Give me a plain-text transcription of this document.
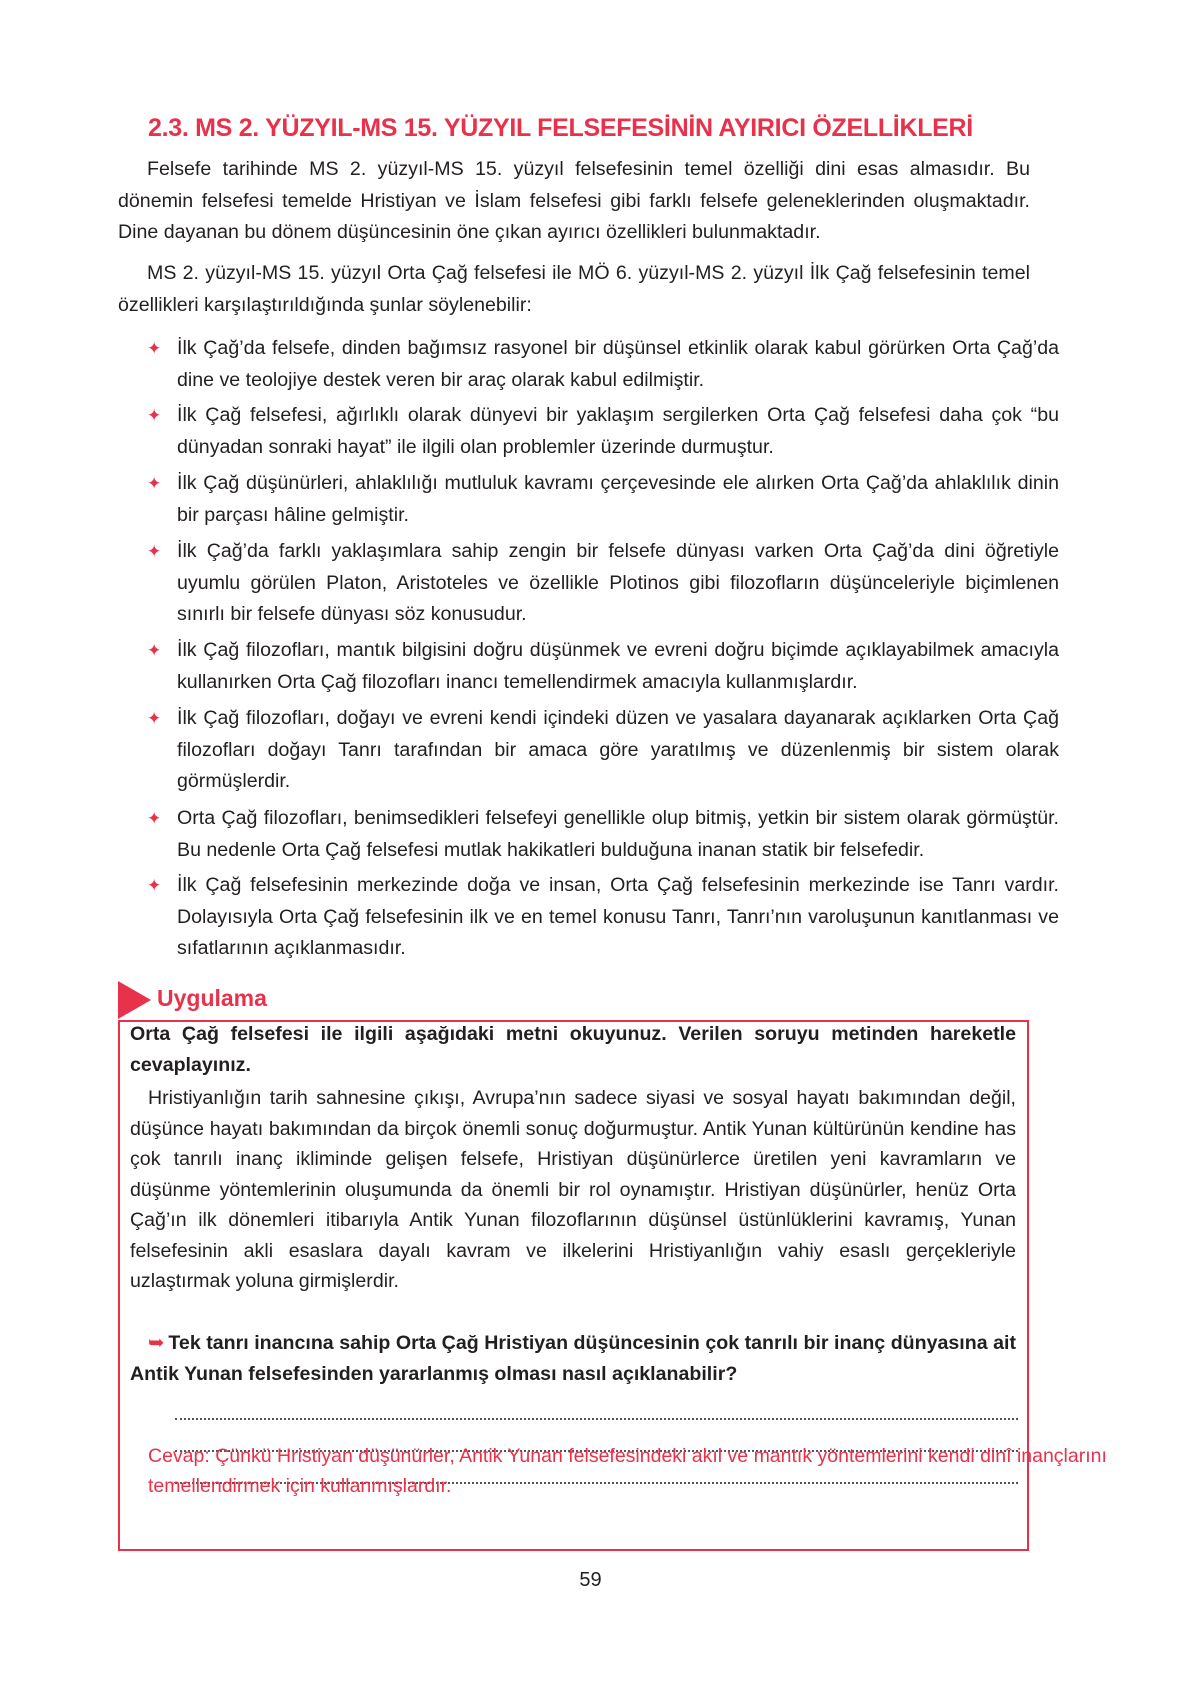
2.3. MS 2. YÜZYIL-MS 15. YÜZYIL FELSEFESİNİN AYIRICI ÖZELLİKLERİ

Felsefe tarihinde MS 2. yüzyıl-MS 15. yüzyıl felsefesinin temel özelliği dini esas almasıdır. Bu dönemin felsefesi temelde Hristiyan ve İslam felsefesi gibi farklı felsefe geleneklerinden oluşmaktadır. Dine dayanan bu dönem düşüncesinin öne çıkan ayırıcı özellikleri bulunmaktadır.

MS 2. yüzyıl-MS 15. yüzyıl Orta Çağ felsefesi ile MÖ 6. yüzyıl-MS 2. yüzyıl İlk Çağ felsefesinin temel özellikleri karşılaştırıldığında şunlar söylenebilir:

✦ İlk Çağ’da felsefe, dinden bağımsız rasyonel bir düşünsel etkinlik olarak kabul görürken Orta Çağ’da dine ve teolojiye destek veren bir araç olarak kabul edilmiştir.

✦ İlk Çağ felsefesi, ağırlıklı olarak dünyevi bir yaklaşım sergilerken Orta Çağ felsefesi daha çok “bu dünyadan sonraki hayat” ile ilgili olan problemler üzerinde durmuştur.

✦ İlk Çağ düşünürleri, ahlaklılığı mutluluk kavramı çerçevesinde ele alırken Orta Çağ’da ahlaklılık dinin bir parçası hâline gelmiştir.

✦ İlk Çağ’da farklı yaklaşımlara sahip zengin bir felsefe dünyası varken Orta Çağ’da dini öğretiyle uyumlu görülen Platon, Aristoteles ve özellikle Plotinos gibi filozofların düşünceleriyle biçimlenen sınırlı bir felsefe dünyası söz konusudur.

✦ İlk Çağ filozofları, mantık bilgisini doğru düşünmek ve evreni doğru biçimde açıklayabilmek amacıyla kullanırken Orta Çağ filozofları inancı temellendirmek amacıyla kullanmışlardır.

✦ İlk Çağ filozofları, doğayı ve evreni kendi içindeki düzen ve yasalara dayanarak açıklarken Orta Çağ filozofları doğayı Tanrı tarafından bir amaca göre yaratılmış ve düzenlenmiş bir sistem olarak görmüşlerdir.

✦ Orta Çağ filozofları, benimsedikleri felsefeyi genellikle olup bitmiş, yetkin bir sistem olarak görmüştür. Bu nedenle Orta Çağ felsefesi mutlak hakikatleri bulduğuna inanan statik bir felsefedir.

✦ İlk Çağ felsefesinin merkezinde doğa ve insan, Orta Çağ felsefesinin merkezinde ise Tanrı vardır. Dolayısıyla Orta Çağ felsefesinin ilk ve en temel konusu Tanrı, Tanrı’nın varoluşunun kanıtlanması ve sıfatlarının açıklanmasıdır.

Uygulama

Orta Çağ felsefesi ile ilgili aşağıdaki metni okuyunuz. Verilen soruyu metinden hareketle cevaplayınız.

Hristiyanlığın tarih sahnesine çıkışı, Avrupa’nın sadece siyasi ve sosyal hayatı bakımından değil, düşünce hayatı bakımından da birçok önemli sonuç doğurmuştur. Antik Yunan kültürünün kendine has çok tanrılı inanç ikliminde gelişen felsefe, Hristiyan düşünürlerce üretilen yeni kavramların ve düşünme yöntemlerinin oluşumunda da önemli bir rol oynamıştır. Hristiyan düşünürler, henüz Orta Çağ’ın ilk dönemleri itibarıyla Antik Yunan filozoflarının düşünsel üstünlüklerini kavramış, Yunan felsefesinin akli esaslara dayalı kavram ve ilkelerini Hristiyanlığın vahiy esaslı gerçekleriyle uzlaştırmak yoluna girmişlerdir.

➥ Tek tanrı inancına sahip Orta Çağ Hristiyan düşüncesinin çok tanrılı bir inanç dünyasına ait Antik Yunan felsefesinden yararlanmış olması nasıl açıklanabilir?

Cevap: Çünkü Hristiyan düşünürler, Antik Yunan felsefesindeki akıl ve mantık yöntemlerini kendi dinî inançlarını
temellendirmek için kullanmışlardır.

59
